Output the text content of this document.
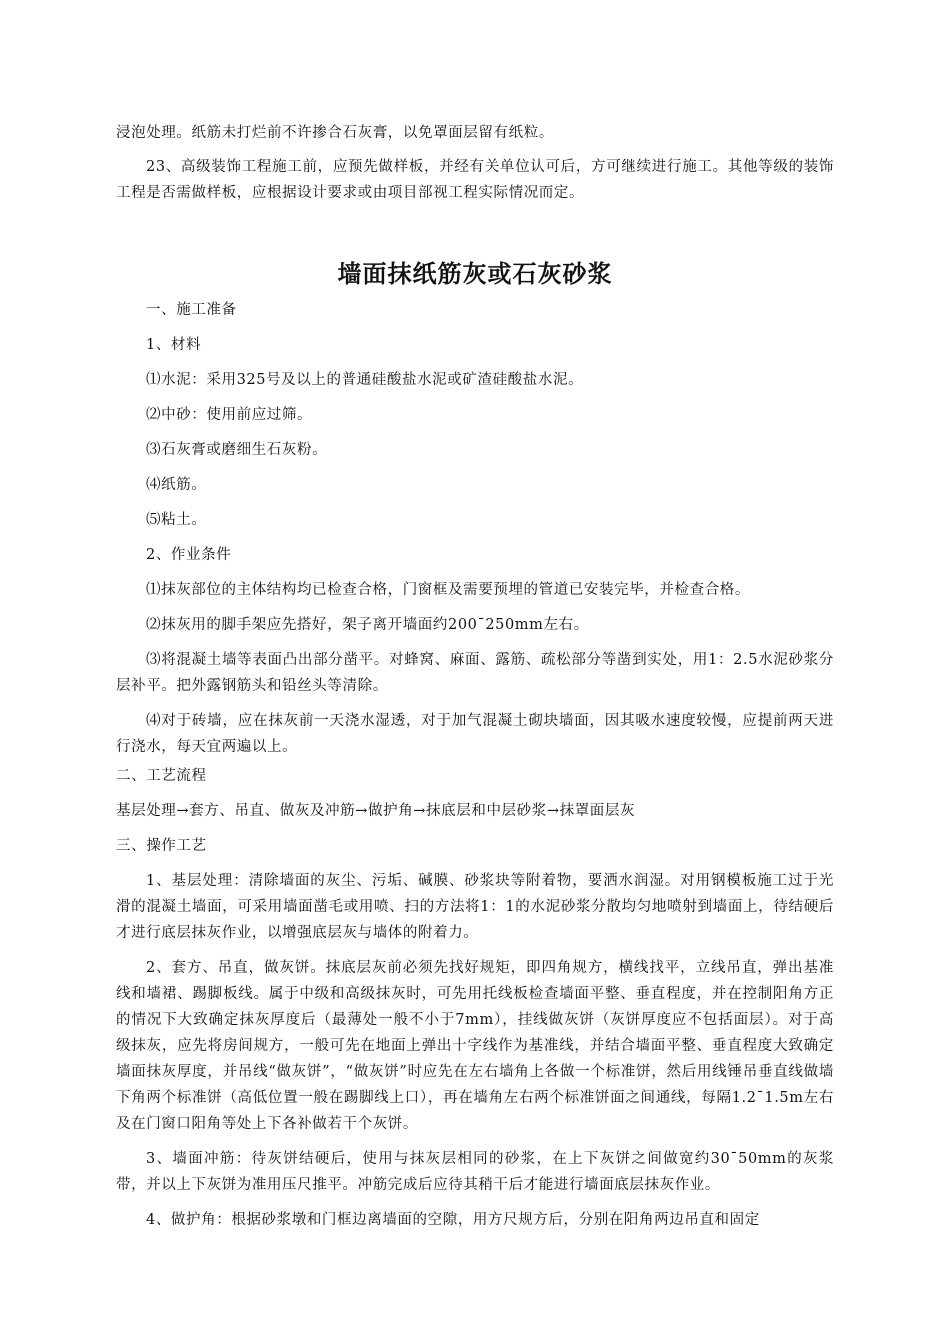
浸泡处理。纸筋未打烂前不许掺合石灰膏，以免罩面层留有纸粒。

23、高级装饰工程施工前，应预先做样板，并经有关单位认可后，方可继续进行施工。其他等级的装饰工程是否需做样板，应根据设计要求或由项目部视工程实际情况而定。

墙面抹纸筋灰或石灰砂浆

一、施工准备

1、材料

⑴水泥：采用325号及以上的普通硅酸盐水泥或矿渣硅酸盐水泥。

⑵中砂：使用前应过筛。

⑶石灰膏或磨细生石灰粉。

⑷纸筋。

⑸粘土。

2、作业条件

⑴抹灰部位的主体结构均已检查合格，门窗框及需要预埋的管道已安装完毕，并检查合格。

⑵抹灰用的脚手架应先搭好，架子离开墙面约200¯250mm左右。

⑶将混凝土墙等表面凸出部分凿平。对蜂窝、麻面、露筋、疏松部分等凿到实处，用1：2.5水泥砂浆分层补平。把外露钢筋头和铅丝头等清除。

⑷对于砖墙，应在抹灰前一天浇水湿透，对于加气混凝土砌块墙面，因其吸水速度较慢，应提前两天进行浇水，每天宜两遍以上。

二、工艺流程

基层处理→套方、吊直、做灰及冲筋→做护角→抹底层和中层砂浆→抹罩面层灰

三、操作工艺

1、基层处理：清除墙面的灰尘、污垢、碱膜、砂浆块等附着物，要洒水润湿。对用钢模板施工过于光滑的混凝土墙面，可采用墙面凿毛或用喷、扫的方法将1：1的水泥砂浆分散均匀地喷射到墙面上，待结硬后才进行底层抹灰作业，以增强底层灰与墙体的附着力。

2、套方、吊直，做灰饼。抹底层灰前必须先找好规矩，即四角规方，横线找平，立线吊直，弹出基准线和墙裙、踢脚板线。属于中级和高级抹灰时，可先用托线板检查墙面平整、垂直程度，并在控制阳角方正的情况下大致确定抹灰厚度后（最薄处一般不小于7mm），挂线做灰饼（灰饼厚度应不包括面层）。对于高级抹灰，应先将房间规方，一般可先在地面上弹出十字线作为基准线，并结合墙面平整、垂直程度大致确定墙面抹灰厚度，并吊线“做灰饼”，“做灰饼”时应先在左右墙角上各做一个标准饼，然后用线锤吊垂直线做墙下角两个标准饼（高低位置一般在踢脚线上口），再在墙角左右两个标准饼面之间通线，每隔1.2¯1.5m左右及在门窗口阳角等处上下各补做若干个灰饼。

3、墙面冲筋：待灰饼结硬后，使用与抹灰层相同的砂浆，在上下灰饼之间做宽约30¯50mm的灰浆带，并以上下灰饼为准用压尺推平。冲筋完成后应待其稍干后才能进行墙面底层抹灰作业。

4、做护角：根据砂浆墩和门框边离墙面的空隙，用方尺规方后，分别在阳角两边吊直和固定
